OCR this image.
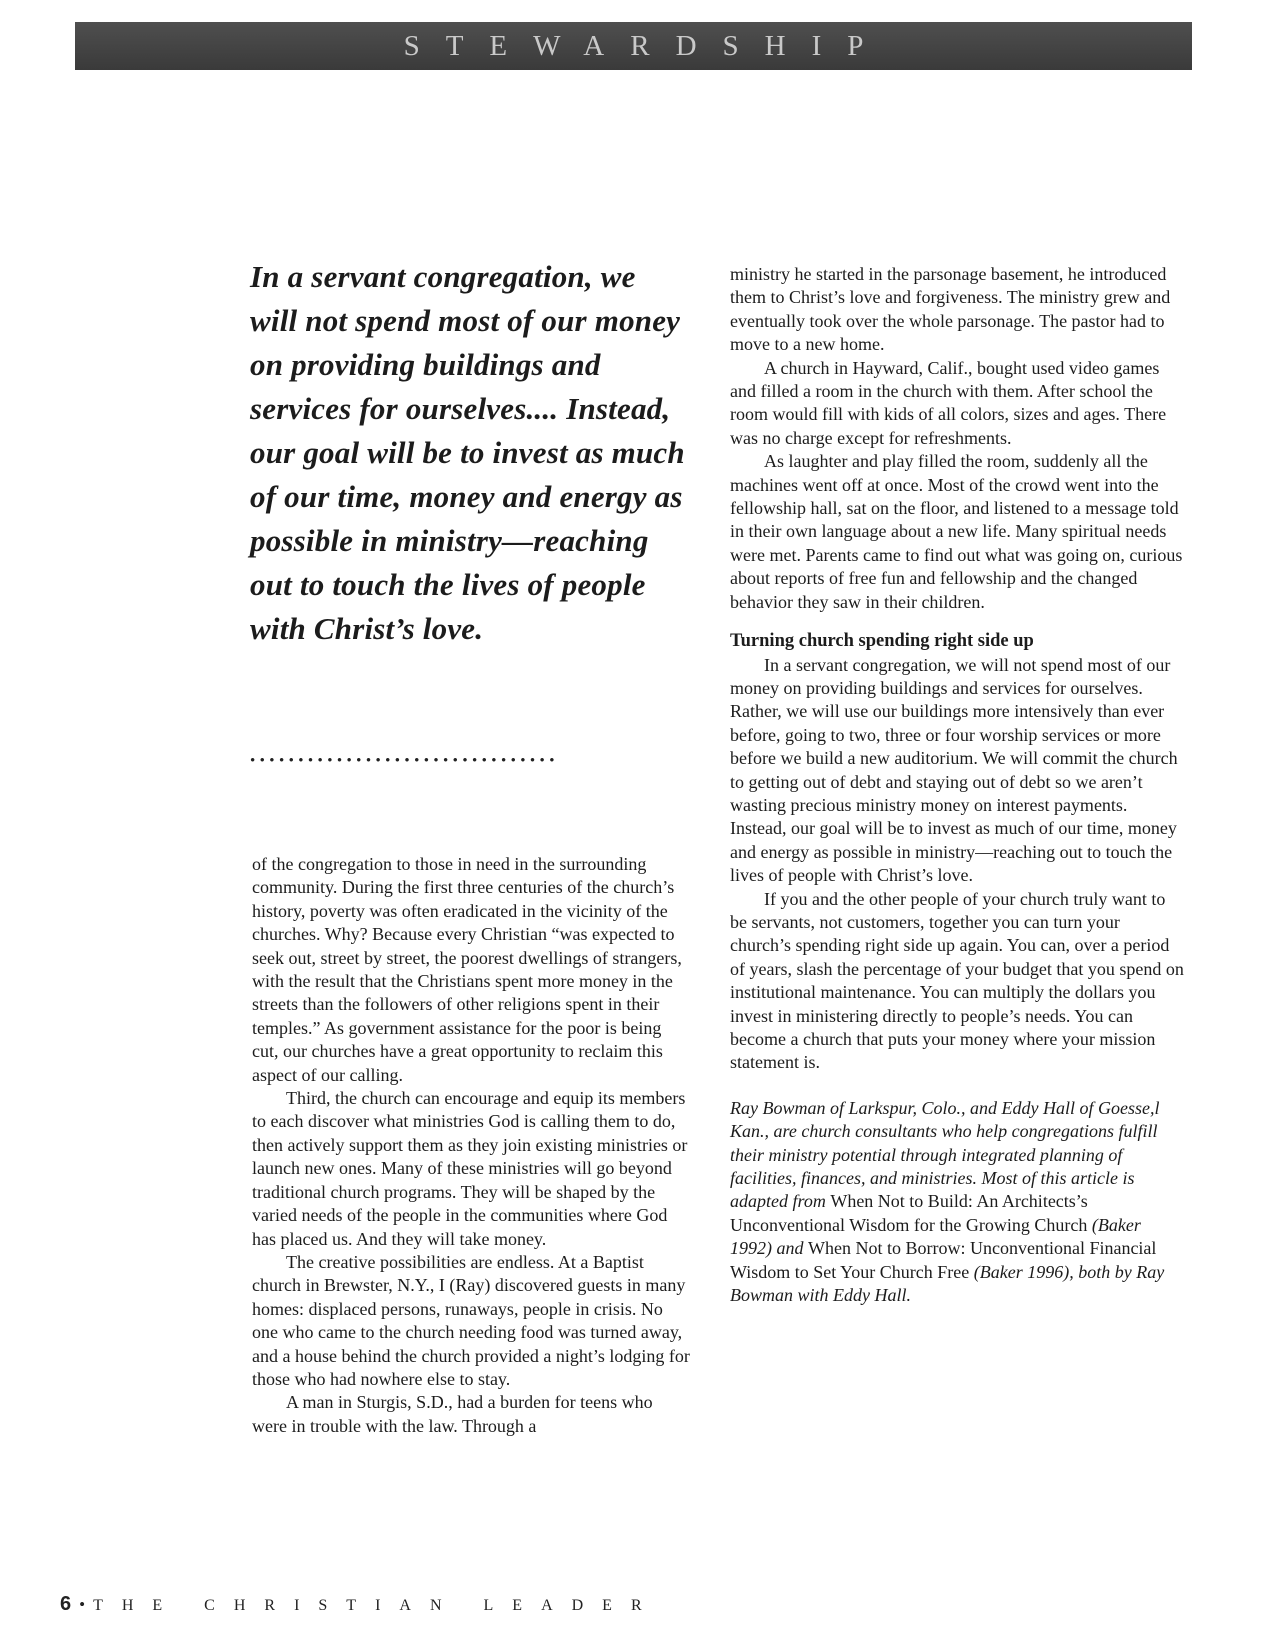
STEWARDSHIP
In a servant congregation, we will not spend most of our money on providing buildings and services for ourselves.... Instead, our goal will be to invest as much of our time, money and energy as possible in ministry—reaching out to touch the lives of people with Christ’s love.
••••••••••••••••••••••••••••••••

of the congregation to those in need in the surrounding community. During the first three centuries of the church’s history, poverty was often eradicated in the vicinity of the churches. Why? Because every Christian “was expected to seek out, street by street, the poorest dwellings of strangers, with the result that the Christians spent more money in the streets than the followers of other religions spent in their temples.” As government assistance for the poor is being cut, our churches have a great opportunity to reclaim this aspect of our calling.

Third, the church can encourage and equip its members to each discover what ministries God is calling them to do, then actively support them as they join existing ministries or launch new ones. Many of these ministries will go beyond traditional church programs. They will be shaped by the varied needs of the people in the communities where God has placed us. And they will take money.

The creative possibilities are endless. At a Baptist church in Brewster, N.Y., I (Ray) discovered guests in many homes: displaced persons, runaways, people in crisis. No one who came to the church needing food was turned away, and a house behind the church provided a night’s lodging for those who had nowhere else to stay.

A man in Sturgis, S.D., had a burden for teens who were in trouble with the law. Through a

ministry he started in the parsonage basement, he introduced them to Christ’s love and forgiveness. The ministry grew and eventually took over the whole parsonage. The pastor had to move to a new home.

A church in Hayward, Calif., bought used video games and filled a room in the church with them. After school the room would fill with kids of all colors, sizes and ages. There was no charge except for refreshments.

As laughter and play filled the room, suddenly all the machines went off at once. Most of the crowd went into the fellowship hall, sat on the floor, and listened to a message told in their own language about a new life. Many spiritual needs were met. Parents came to find out what was going on, curious about reports of free fun and fellowship and the changed behavior they saw in their children.

Turning church spending right side up

In a servant congregation, we will not spend most of our money on providing buildings and services for ourselves. Rather, we will use our buildings more intensively than ever before, going to two, three or four worship services or more before we build a new auditorium. We will commit the church to getting out of debt and staying out of debt so we aren’t wasting precious ministry money on interest payments. Instead, our goal will be to invest as much of our time, money and energy as possible in ministry—reaching out to touch the lives of people with Christ’s love.

If you and the other people of your church truly want to be servants, not customers, together you can turn your church’s spending right side up again. You can, over a period of years, slash the percentage of your budget that you spend on institutional maintenance. You can multiply the dollars you invest in ministering directly to people’s needs. You can become a church that puts your money where your mission statement is.

Ray Bowman of Larkspur, Colo., and Eddy Hall of Goesse,l Kan., are church consultants who help congregations fulfill their ministry potential through integrated planning of facilities, finances, and ministries. Most of this article is adapted from When Not to Build: An Architects’s Unconventional Wisdom for the Growing Church (Baker 1992) and When Not to Borrow: Unconventional Financial Wisdom to Set Your Church Free (Baker 1996), both by Ray Bowman with Eddy Hall.

6 • THE CHRISTIAN LEADER
